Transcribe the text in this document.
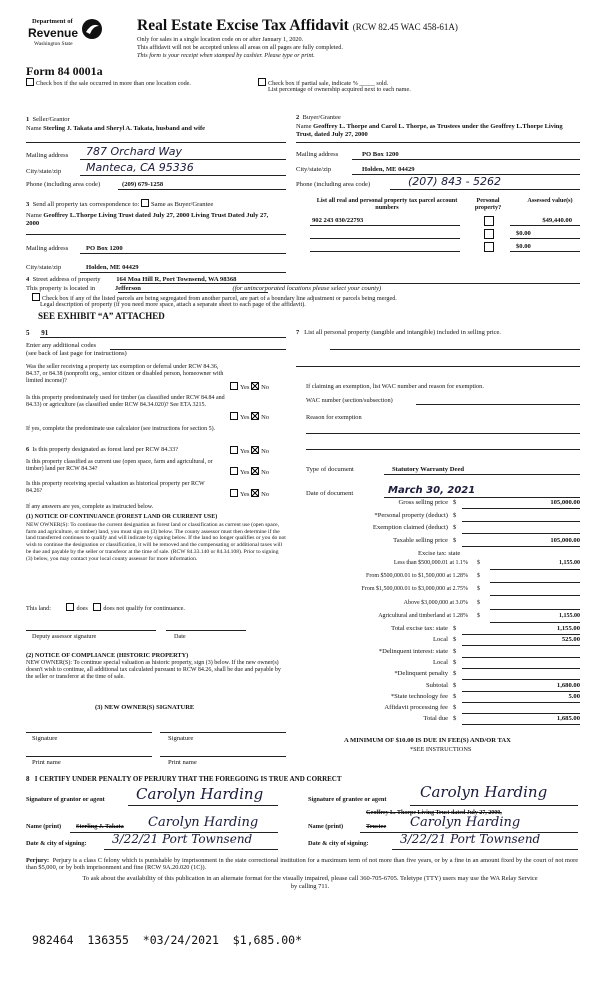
Department of
Revenue
Washington State
Real Estate Excise Tax Affidavit (RCW 82.45 WAC 458-61A)
Only for sales in a single location code on or after January 1, 2020.
This affidavit will not be accepted unless all areas on all pages are fully completed.
This form is your receipt when stamped by cashier. Please type or print.
Form 84 0001a
Check box if the sale occurred in more than one location code.	Check box if partial sale, indicate % _____ sold.
List percentage of ownership acquired next to each name.
1 Seller/Grantor
Name Sterling J. Takata and Sheryl A. Takata, husband and wife
Mailing address 787 Orchard Way
City/state/zip Manteca, CA 95336
Phone (including area code)	(209) 679-1258
2 Buyer/Grantee
Name Geoffrey L. Thorpe and Carol L. Thorpe, as Trustees under the Geoffrey L.Thorpe Living Trust, dated July 27, 2000
Mailing address	PO Box 1200
City/state/zip	Holden, ME 04429
Phone (including area code)	(207) 843 - 5262
3 Send all property tax correspondence to: Same as Buyer/Grantee
Name Geoffrey L.Thorpe Living Trust dated July 27, 2000 Living Trust Dated July 27, 2000
Mailing address	PO Box 1200
City/state/zip	Holden, ME 04429
List all real and personal property tax parcel account numbers
Personal property?
Assessed value(s)
902 243 030/22793	$49,440.00
$0.00
$0.00
4 Street address of property 164 Moa Hill R, Port Townsend, WA 98368
This property is located in	Jefferson	(for unincorporated locations please select your county)
Check box if any of the listed parcels are being segregated from another parcel, are part of a boundary line adjustment or parcels being merged.
Legal description of property (if you need more space, attach a separate sheet to each page of the affidavit).
SEE EXHIBIT “A” ATTACHED
5 91
Enter any additional codes
(see back of last page for instructions)
Was the seller receiving a property tax exemption or deferral under RCW 84.36, 84.37, or 84.38 (nonprofit org., senior citizen or disabled person, homeowner with limited income)?
Yes No
Is this property predominately used for timber (as classified under RCW 84.84 and 84.33) or agriculture (as classified under RCW 84.34.020)? See ETA 3215.
Yes No
If yes, complete the predominate use calculator (see instructions for section 5).
6 Is this property designated as forest land per RCW 84.33?	Yes No
Is this property classified as current use (open space, farm and agricultural, or timber) land per RCW 84.34?	Yes No
Is this property receiving special valuation as historical property per RCW 84.26?	Yes No
If any answers are yes, complete as instructed below.
(1) NOTICE OF CONTINUANCE (FOREST LAND OR CURRENT USE)
NEW OWNER(S): To continue the current designation as forest land or classification as current use (open space, farm and agriculture, or timber) land, you must sign on (3) below. The county assessor must then determine if the land transferred continues to qualify and will indicate by signing below. If the land no longer qualifies or you do not wish to continue the designation or classification, it will be removed and the compensating or additional taxes will be due and payable by the seller or transferor at the time of sale. (RCW 84.33.140 or 84.34.108). Prior to signing (3) below, you may contact your local county assessor for more information.
This land:	does	does not qualify for continuance.
Deputy assessor signature	Date
(2) NOTICE OF COMPLIANCE (HISTORIC PROPERTY)
NEW OWNER(S): To continue special valuation as historic property, sign (3) below. If the new owner(s) doesn't wish to continue, all additional tax calculated pursuant to RCW 84.26, shall be due and payable by the seller or transferor at the time of sale.
(3) NEW OWNER(S) SIGNATURE
Signature	Signature
Print name	Print name
7 List all personal property (tangible and intangible) included in selling price.
If claiming an exemption, list WAC number and reason for exemption.
WAC number (section/subsection)
Reason for exemption
Type of document	Statutory Warranty Deed
Date of document	March 30, 2021
Gross selling price $	105,000.00
*Personal property (deduct) $
Exemption claimed (deduct) $
Taxable selling price $	105,000.00
Less than $500,000.01 at 1.1% $	1,155.00
From $500,000.01 to $1,500,000 at 1.28% $
From $1,500,000.01 to $3,000,000 at 2.75% $
Above $3,000,000 at 3.0% $
Agricultural and timberland at 1.28% $	1,155.00
Total excise tax: state $	1,155.00
Local $	525.00
*Delinquent interest: state $
Local $
*Delinquent penalty $
Subtotal $	1,680.00
*State technology fee $	5.00
Affidavit processing fee $
Total due $	1,685.00
Excise tax: state
A MINIMUM OF $10.00 IS DUE IN FEE(S) AND/OR TAX
*SEE INSTRUCTIONS
8 I CERTIFY UNDER PENALTY OF PERJURY THAT THE FOREGOING IS TRUE AND CORRECT
Signature of grantor or agent Carolyn Harding	Signature of grantee or agent Carolyn Harding
Name (print) Sterling J. Takata Carolyn Harding	Name (print)
Geoffrey L. Thorpe Living Trust dated July 27, 2000,
Trustee Carolyn Harding
Date & city of signing: 3/22/21 Port Townsend	Date & city of signing:	3/22/21 Port Townsend
Perjury: Perjury is a class C felony which is punishable by imprisonment in the state correctional institution for a maximum term of not more than five years, or by a fine in an amount fixed by the court of not more than $5,000, or by both imprisonment and fine (RCW 9A.20.020 (1C)).
To ask about the availability of this publication in an alternate format for the visually impaired, please call 360-705-6705. Teletype (TTY) users may use the WA Relay Service by calling 711.
982464  136355  *03/24/2021  $1,685.00*
